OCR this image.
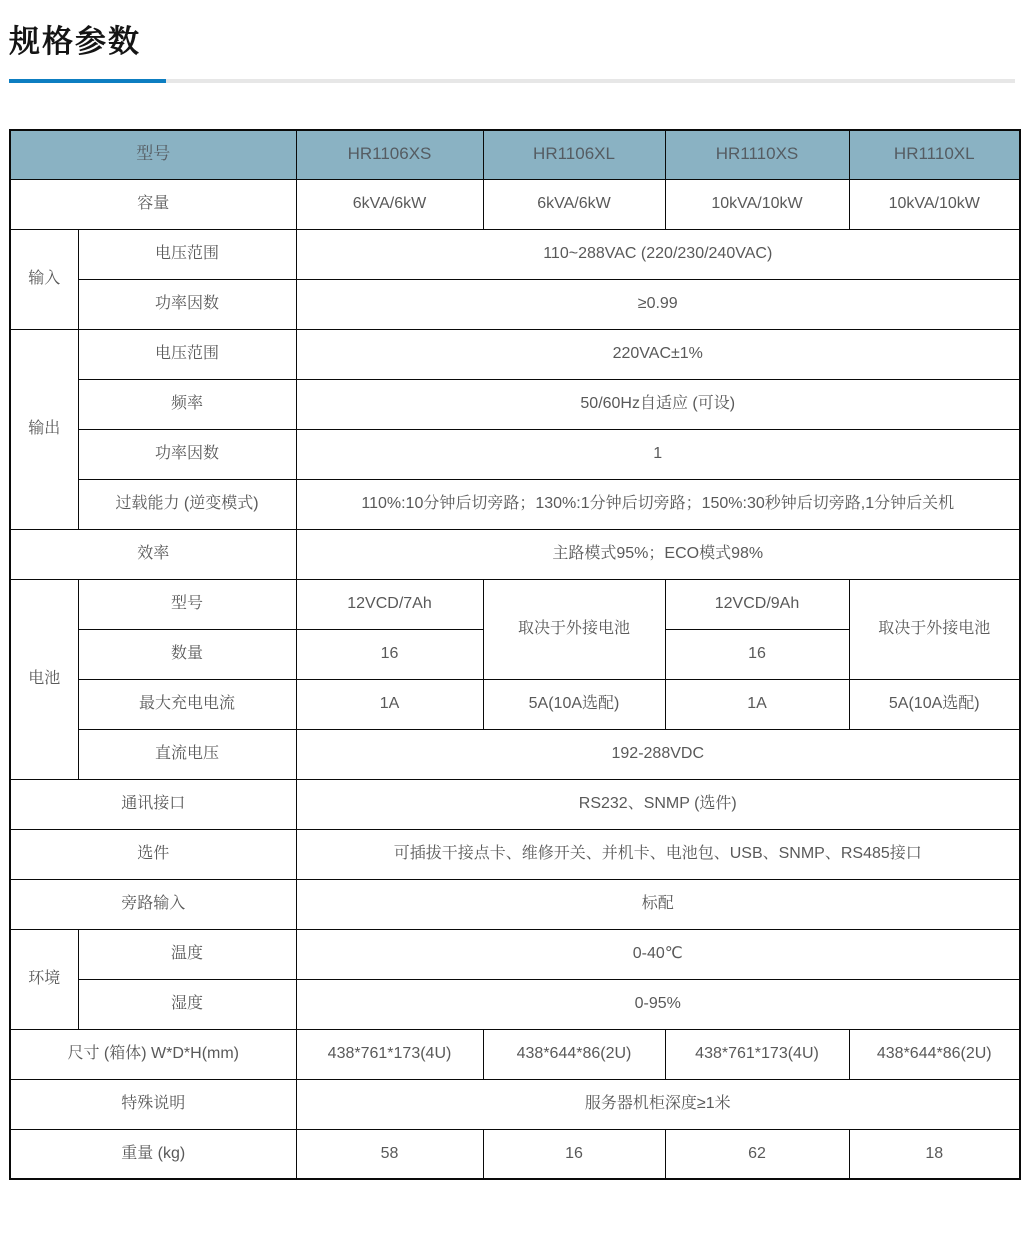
规格参数
型号		HR1106XS	HR1106XL	HR1110XS	HR1110XL
容量		6kVA/6kW	6kVA/6kW	10kVA/10kW	10kVA/10kW
输入	电压范围	110~288VAC (220/230/240VAC)			
	功率因数	≥0.99			
输出	电压范围	220VAC±1%			
	频率	50/60Hz自适应 (可设)			
	功率因数	1			
	过载能力 (逆变模式)	110%:10分钟后切旁路；130%:1分钟后切旁路；150%:30秒钟后切旁路,1分钟后关机			
效率		主路模式95%；ECO模式98%			
电池	型号	12VCD/7Ah	取决于外接电池	12VCD/9Ah	取决于外接电池
	数量	16		16	
	最大充电电流	1A	5A(10A选配)	1A	5A(10A选配)
	直流电压	192-288VDC			
通讯接口		RS232、SNMP (选件)			
选件		可插拔干接点卡、维修开关、并机卡、电池包、USB、SNMP、RS485接口			
旁路输入		标配			
环境	温度	0-40℃			
	湿度	0-95%			
尺寸 (箱体) W*D*H(mm)		438*761*173(4U)	438*644*86(2U)	438*761*173(4U)	438*644*86(2U)
特殊说明		服务器机柜深度≥1米			
重量 (kg)		58	16	62	18
